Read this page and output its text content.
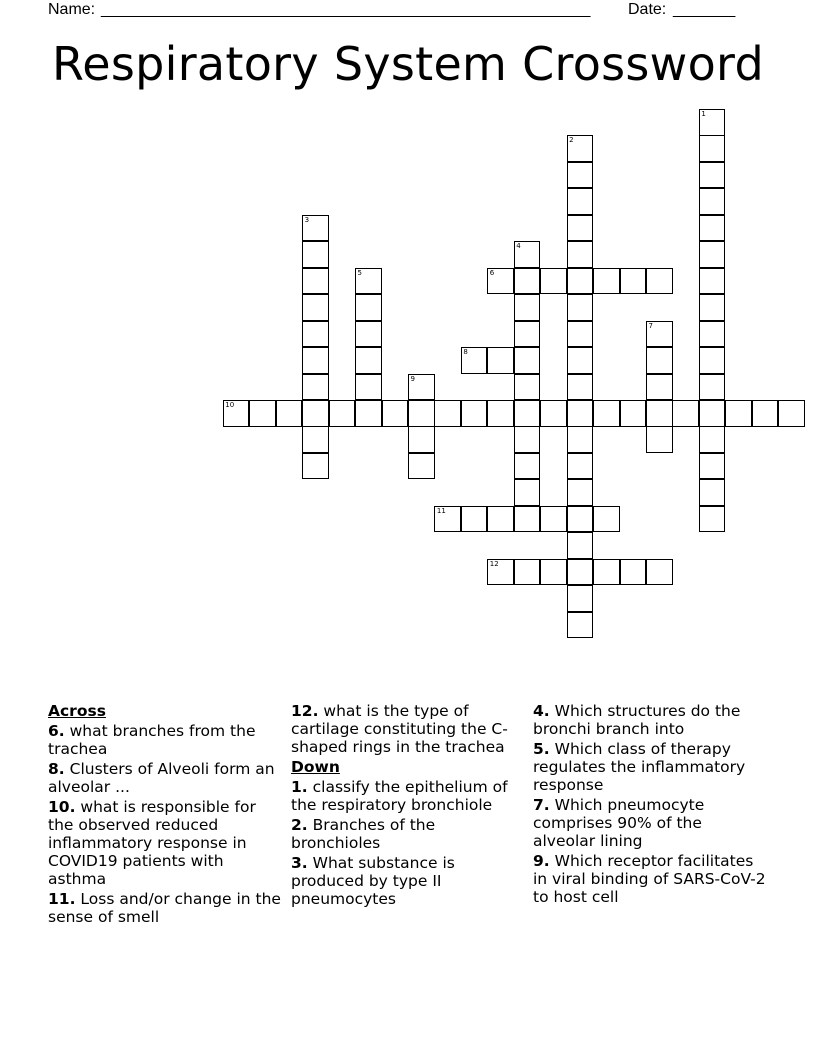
Name: _______________________________________________________ Date: _______
Respiratory System Crossword
1
2
3
4
5	6
7
8
9
10
11
12
Across
6. what branches from the trachea
8. Clusters of Alveoli form an alveolar ...
10. what is responsible for the observed reduced inflammatory response in COVID19 patients with asthma
11. Loss and/or change in the sense of smell
12. what is the type of cartilage constituting the C-shaped rings in the trachea
Down
1. classify the epithelium of the respiratory bronchiole
2. Branches of the bronchioles
3. What substance is produced by type II pneumocytes
4. Which structures do the bronchi branch into
5. Which class of therapy regulates the inflammatory response
7. Which pneumocyte comprises 90% of the alveolar lining
9. Which receptor facilitates in viral binding of SARS-CoV-2 to host cell
